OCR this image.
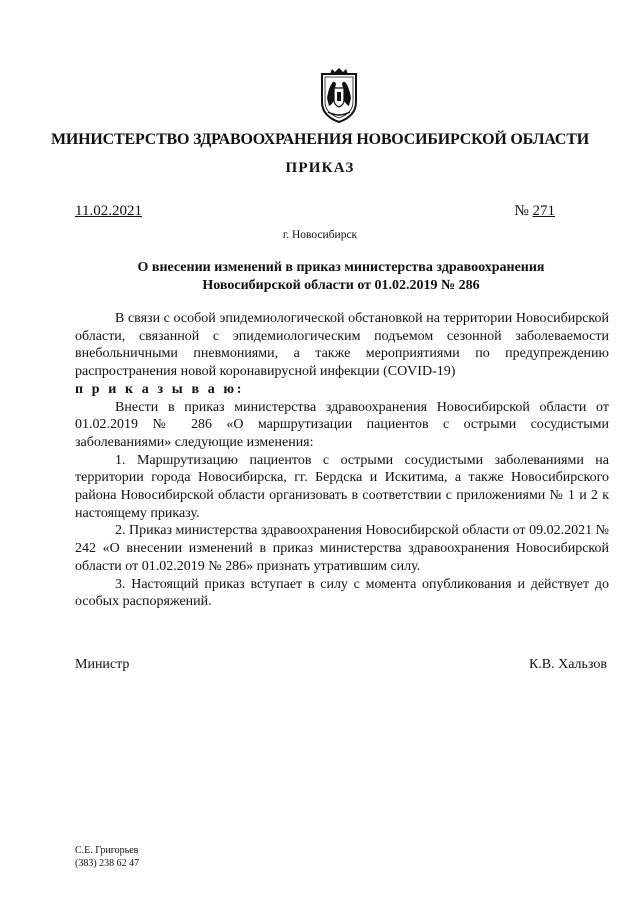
МИНИСТЕРСТВО ЗДРАВООХРАНЕНИЯ НОВОСИБИРСКОЙ ОБЛАСТИ
ПРИКАЗ
11.02.2021	№ 271
г. Новосибирск
О внесении изменений в приказ министерства здравоохранения
Новосибирской области от 01.02.2019 № 286

В связи с особой эпидемиологической обстановкой на территории Новосибирской области, связанной с эпидемиологическим подъемом сезонной заболеваемости внебольничными пневмониями, а также мероприятиями по предупреждению распространения новой коронавирусной инфекции (COVID-19)

п р и к а з ы в а ю:

Внести в приказ министерства здравоохранения Новосибирской области от 01.02.2019 № 286 «О маршрутизации пациентов с острыми сосудистыми заболеваниями» следующие изменения:

1. Маршрутизацию пациентов с острыми сосудистыми заболеваниями на территории города Новосибирска, гг. Бердска и Искитима, а также Новосибирского района Новосибирской области организовать в соответствии с приложениями № 1 и 2 к настоящему приказу.

2. Приказ министерства здравоохранения Новосибирской области от 09.02.2021 № 242 «О внесении изменений в приказ министерства здравоохранения Новосибирской области от 01.02.2019 № 286» признать утратившим силу.

3. Настоящий приказ вступает в силу с момента опубликования и действует до особых распоряжений.

Министр	К.В. Хальзов
С.Е. Григорьев
(383) 238 62 47
